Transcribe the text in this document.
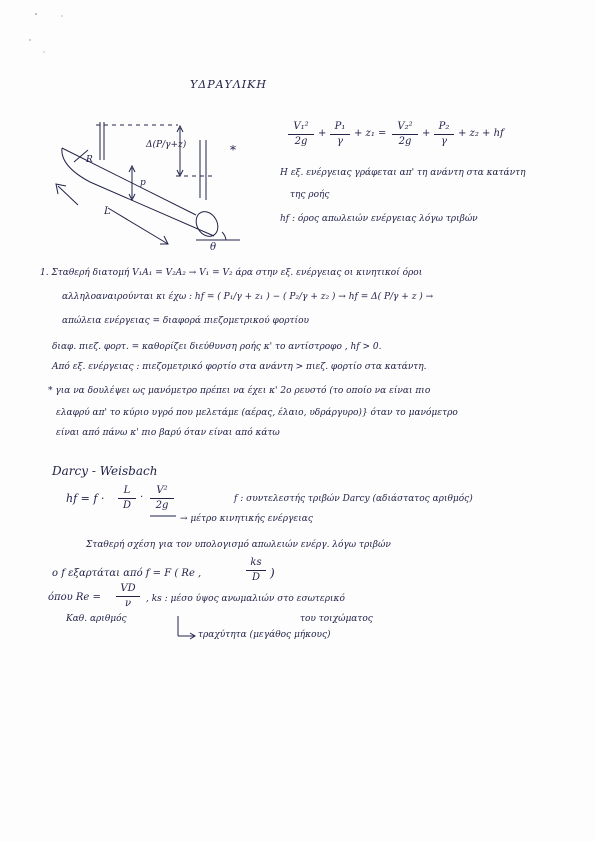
ΥΔΡΑΥΛΙΚΗ
R
Δ(P/γ+z)
p
L
θ
*
$\frac{\text{V₁²}}{2g} + \frac{\text{P₁}}{\gamma} + z_1 = \frac{\text{V₂²}}{2g} + \frac{\text{P₂}}{\gamma} + z_2$ + hf
Η εξ. ενέργειας γράφεται απ' τη ανάντη στα κατάντη
της ροής
hf : όρος απωλειών ενέργειας λόγω τριβών
1. Σταθερή διατομή V₁A₁ = V₂A₂ → V₁ = V₂ άρα στην εξ. ενέργειας οι κινητικοί όροι
αλληλοαναιρούνται κι έχω : hf = ( P₁/γ + z₁ ) − ( P₂/γ + z₂ ) → hf = Δ( P/γ + z ) →
απώλεια ενέργειας = διαφορά πιεζομετρικού φορτίου
διαφ. πιεζ. φορτ. = καθορίζει διεύθυνση ροής κ' το αντίστροφο , hf > 0.
Από εξ. ενέργειας : πιεζομετρικό φορτίο στα ανάντη > πιεζ. φορτίο στα κατάντη.
* για να δουλέψει ως μανόμετρο πρέπει να έχει κ' 2ο ρευστό (το οποίο να είναι πιο
ελαφρύ απ' το κύριο υγρό που μελετάμε (αέρας, έλαιο, υδράργυρο)} όταν το μανόμετρο
είναι από πάνω κ' πιο βαρύ όταν είναι από κάτω
Darcy - Weisbach
hf = $f \cdot \frac{L}{D} \cdot \frac{\text{V²}}{2g}$	f : συντελεστής τριβών Darcy (αδιάστατος αριθμός)
→ μέτρο κινητικής ενέργειας
Σταθερή σχέση για τον υπολογισμό απωλειών ενέργ. λόγω τριβών
ο f εξαρτάται από f = F ( Re ,	$\frac{ks}{D}$ )
όπου $Re = \frac{VD}{\nu}$ , ks : μέσο ύψος ανωμαλιών στο εσωτερικό
του τοιχώματος
Καθ. αριθμός
τραχύτητα (μεγάθος μήκους)
